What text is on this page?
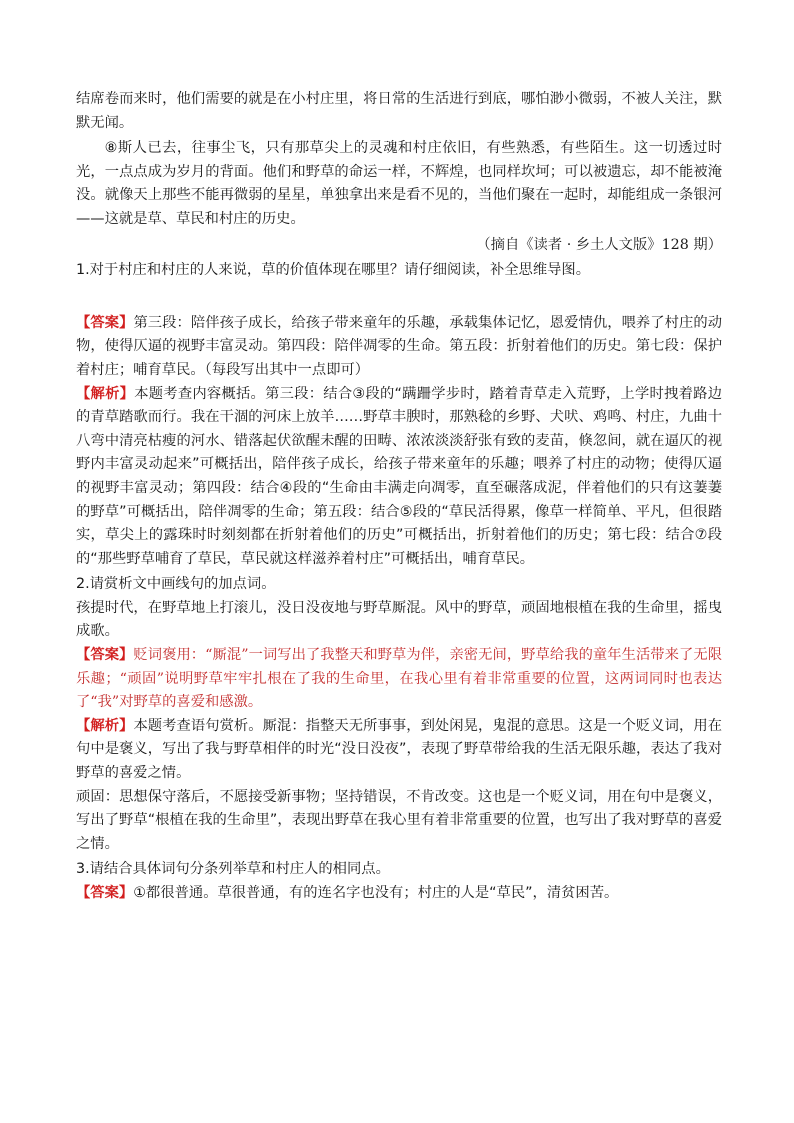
结席卷而来时，他们需要的就是在小村庄里，将日常的生活进行到底，哪怕渺小微弱，不被人关注，默默无闻。

⑧斯人已去，往事尘飞，只有那草尖上的灵魂和村庄依旧，有些熟悉，有些陌生。这一切透过时光，一点点成为岁月的背面。他们和野草的命运一样，不辉煌，也同样坎坷；可以被遗忘，却不能被淹没。就像天上那些不能再微弱的星星，单独拿出来是看不见的，当他们聚在一起时，却能组成一条银河——这就是草、草民和村庄的历史。

（摘自《读者 · 乡土人文版》128 期）

1.对于村庄和村庄的人来说，草的价值体现在哪里？请仔细阅读，补全思维导图。

【答案】第三段：陪伴孩子成长，给孩子带来童年的乐趣，承载集体记忆，恩爱情仇，喂养了村庄的动物，使得仄逼的视野丰富灵动。第四段：陪伴凋零的生命。第五段：折射着他们的历史。第七段：保护着村庄；哺育草民。（每段写出其中一点即可）

【解析】本题考查内容概括。第三段：结合③段的“蹒跚学步时，踏着青草走入荒野，上学时拽着路边的青草踏歌而行。我在干涸的河床上放羊……野草丰腴时，那熟稔的乡野、犬吠、鸡鸣、村庄，九曲十八弯中清亮枯瘦的河水、错落起伏欲醒未醒的田畴、浓浓淡淡舒张有致的麦苗，倏忽间，就在逼仄的视野内丰富灵动起来”可概括出，陪伴孩子成长，给孩子带来童年的乐趣；喂养了村庄的动物；使得仄逼的视野丰富灵动；第四段：结合④段的“生命由丰满走向凋零，直至碾落成泥，伴着他们的只有这萋萋的野草”可概括出，陪伴凋零的生命；第五段：结合⑤段的“草民活得累，像草一样简单、平凡，但很踏实，草尖上的露珠时时刻刻都在折射着他们的历史”可概括出，折射着他们的历史；第七段：结合⑦段的“那些野草哺育了草民，草民就这样滋养着村庄”可概括出，哺育草民。

2.请赏析文中画线句的加点词。

孩提时代，在野草地上打滚儿，没日没夜地与野草厮混。风中的野草，顽固地根植在我的生命里，摇曳成歌。

【答案】贬词褒用：“厮混”一词写出了我整天和野草为伴，亲密无间，野草给我的童年生活带来了无限乐趣；“顽固”说明野草牢牢扎根在了我的生命里，在我心里有着非常重要的位置，这两词同时也表达了“我”对野草的喜爱和感激。

【解析】本题考查语句赏析。厮混：指整天无所事事，到处闲晃，鬼混的意思。这是一个贬义词，用在句中是褒义，写出了我与野草相伴的时光“没日没夜”，表现了野草带给我的生活无限乐趣，表达了我对野草的喜爱之情。

顽固：思想保守落后，不愿接受新事物；坚持错误，不肯改变。这也是一个贬义词，用在句中是褒义，写出了野草“根植在我的生命里”，表现出野草在我心里有着非常重要的位置，也写出了我对野草的喜爱之情。

3.请结合具体词句分条列举草和村庄人的相同点。

【答案】①都很普通。草很普通，有的连名字也没有；村庄的人是“草民”，清贫困苦。
